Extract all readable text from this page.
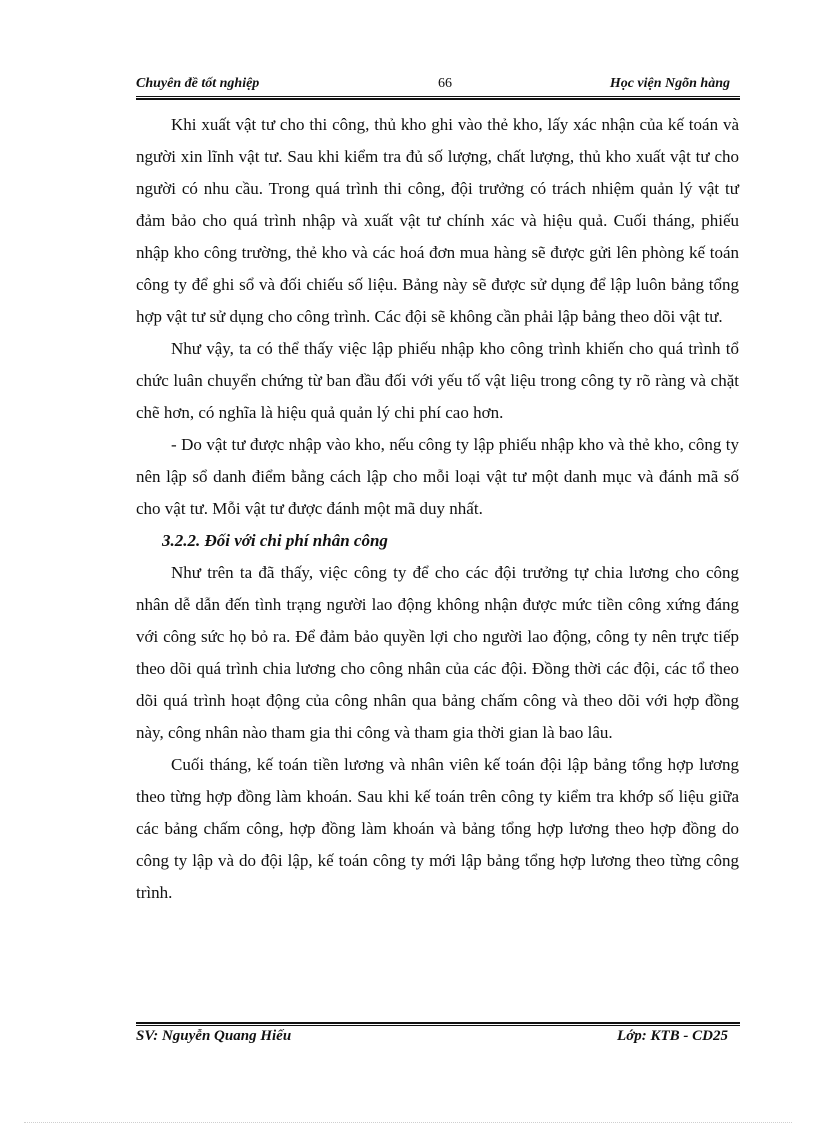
Chuyên đề tốt nghiệp	66	Học viện Ngõn hàng

Khi xuất vật tư cho thi công, thủ kho ghi vào thẻ kho, lấy xác nhận của kế toán và người xin lĩnh vật tư. Sau khi kiểm tra đủ số lượng, chất lượng, thủ kho xuất vật tư cho người có nhu cầu. Trong quá trình thi công, đội trưởng có trách nhiệm quản lý vật tư đảm bảo cho quá trình nhập và xuất vật tư chính xác và hiệu quả. Cuối tháng, phiếu nhập kho công trường, thẻ kho và các hoá đơn mua hàng sẽ được gửi lên phòng kế toán công ty để ghi sổ và đối chiếu số liệu. Bảng này sẽ được sử dụng để lập luôn bảng tổng hợp vật tư sử dụng cho công trình. Các đội sẽ không cần phải lập bảng theo dõi vật tư.

Như vậy, ta có thể thấy việc lập phiếu nhập kho công trình khiến cho quá trình tổ chức luân chuyển chứng từ ban đầu đối với yếu tố vật liệu trong công ty rõ ràng và chặt chẽ hơn, có nghĩa là hiệu quả quản lý chi phí cao hơn.

- Do vật tư được nhập vào kho, nếu công ty lập phiếu nhập kho và thẻ kho, công ty nên lập sổ danh điểm bằng cách lập cho mỗi loại vật tư một danh mục và đánh mã số cho vật tư. Mỗi vật tư được đánh một mã duy nhất.

3.2.2. Đối với chi phí nhân công

Như trên ta đã thấy, việc công ty để cho các đội trưởng tự chia lương cho công nhân dễ dẫn đến tình trạng người lao động không nhận được mức tiền công xứng đáng với công sức họ bỏ ra. Để đảm bảo quyền lợi cho người lao động, công ty nên trực tiếp theo dõi quá trình chia lương cho công nhân của các đội. Đồng thời các đội, các tổ theo dõi quá trình hoạt động của công nhân qua bảng chấm công và theo dõi với hợp đồng này, công nhân nào tham gia thi công và tham gia thời gian là bao lâu.

Cuối tháng, kế toán tiền lương và nhân viên kế toán đội lập bảng tổng hợp lương theo từng hợp đồng làm khoán. Sau khi kế toán trên công ty kiểm tra khớp số liệu giữa các bảng chấm công, hợp đồng làm khoán và bảng tổng hợp lương theo hợp đồng do công ty lập và do đội lập, kế toán công ty mới lập bảng tổng hợp lương theo từng công trình.

SV: Nguyễn Quang Hiếu	Lớp: KTB - CD25
